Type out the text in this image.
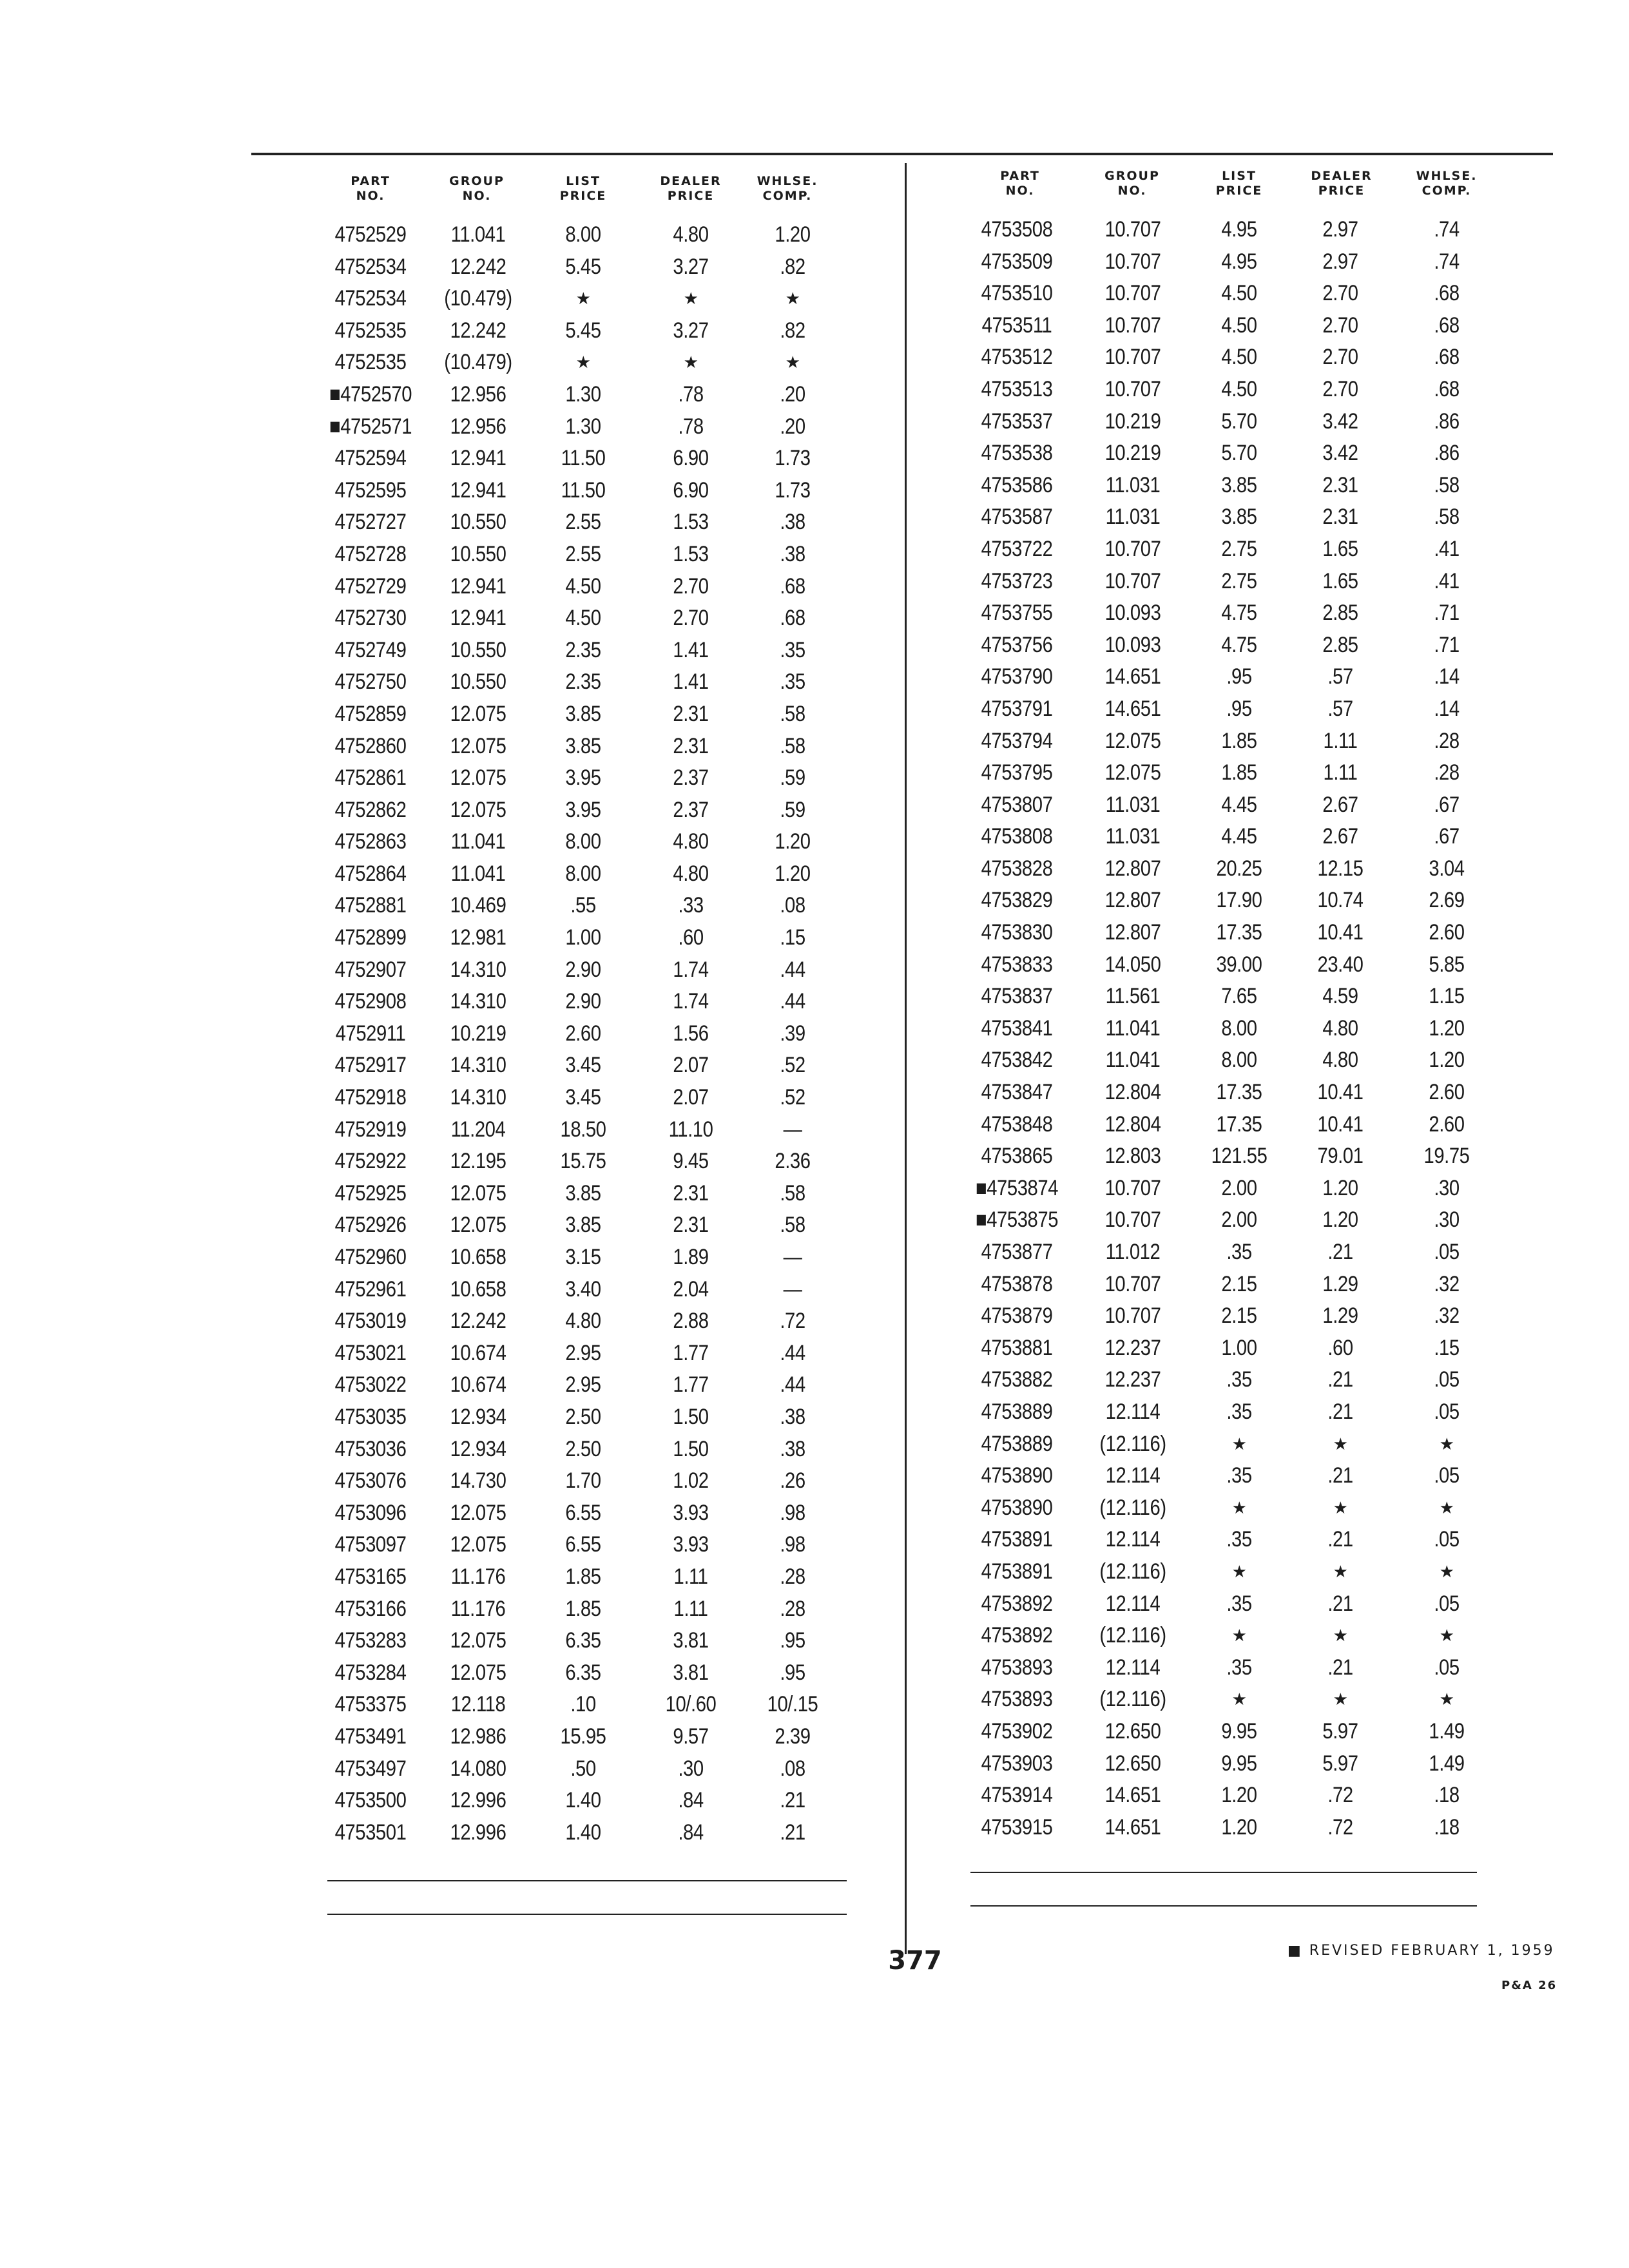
PART
NO.
GROUP
NO.
LIST
PRICE
DEALER
PRICE
WHLSE.
COMP.
4752529 11.041	8.00	4.80	1.20
4752534 12.242	5.45	3.27	.82
4752534 (10.479)	★	★	★
4752535 12.242	5.45	3.27	.82
4752535 (10.479)	★	★	★
■4752570 12.956	1.30	.78	.20
■4752571 12.956	1.30	.78	.20
4752594 12.941	11.50	6.90	1.73
4752595 12.941	11.50	6.90	1.73
4752727 10.550	2.55	1.53	.38
4752728 10.550	2.55	1.53	.38
4752729 12.941	4.50	2.70	.68
4752730 12.941	4.50	2.70	.68
4752749 10.550	2.35	1.41	.35
4752750 10.550	2.35	1.41	.35
4752859 12.075	3.85	2.31	.58
4752860 12.075	3.85	2.31	.58
4752861 12.075	3.95	2.37	.59
4752862 12.075	3.95	2.37	.59
4752863 11.041	8.00	4.80	1.20
4752864 11.041	8.00	4.80	1.20
4752881 10.469	.55	.33	.08
4752899 12.981	1.00	.60	.15
4752907 14.310	2.90	1.74	.44
4752908 14.310	2.90	1.74	.44
4752911 10.219	2.60	1.56	.39
4752917 14.310	3.45	2.07	.52
4752918 14.310	3.45	2.07	.52
4752919 11.204	18.50	11.10	—
4752922 12.195 15.75	9.45	2.36
4752925 12.075	3.85	2.31	.58
4752926 12.075	3.85	2.31	.58
4752960 10.658	3.15	1.89	—
4752961 10.658	3.40	2.04	—
4753019 12.242	4.80	2.88	.72
4753021 10.674	2.95	1.77	.44
4753022 10.674	2.95	1.77	.44
4753035 12.934	2.50	1.50	.38
4753036 12.934	2.50	1.50	.38
4753076 14.730	1.70	1.02	.26
4753096 12.075	6.55	3.93	.98
4753097 12.075	6.55	3.93	.98
4753165 11.176	1.85	1.11	.28
4753166 11.176	1.85	1.11	.28
4753283 12.075	6.35	3.81	.95
4753284 12.075	6.35	3.81	.95
4753375 12.118	.10	10/.60 10/.15
4753491 12.986 15.95	9.57	2.39
4753497 14.080	.50	.30	.08
4753500 12.996	1.40	.84	.21
4753501 12.996	1.40	.84	.21
PART
NO.
GROUP
NO.
LIST
PRICE
DEALER
PRICE
WHLSE.
COMP.
4753508 10.707	4.95	2.97	.74
4753509 10.707	4.95	2.97	.74
4753510 10.707	4.50	2.70	.68
4753511 10.707	4.50	2.70	.68
4753512 10.707	4.50	2.70	.68
4753513 10.707	4.50	2.70	.68
4753537 10.219	5.70	3.42	.86
4753538 10.219	5.70	3.42	.86
4753586 11.031	3.85	2.31	.58
4753587 11.031	3.85	2.31	.58
4753722 10.707	2.75	1.65	.41
4753723 10.707	2.75	1.65	.41
4753755 10.093	4.75	2.85	.71
4753756 10.093	4.75	2.85	.71
4753790 14.651	.95	.57	.14
4753791 14.651	.95	.57	.14
4753794 12.075	1.85	1.11	.28
4753795 12.075	1.85	1.11	.28
4753807 11.031	4.45	2.67	.67
4753808 11.031	4.45	2.67	.67
4753828 12.807	20.25	12.15	3.04
4753829 12.807	17.90	10.74	2.69
4753830 12.807	17.35	10.41	2.60
4753833 14.050	39.00	23.40	5.85
4753837 11.561	7.65	4.59	1.15
4753841 11.041	8.00	4.80	1.20
4753842 11.041	8.00	4.80	1.20
4753847 12.804	17.35	10.41	2.60
4753848 12.804	17.35	10.41	2.60
4753865 12.803 121.55 79.01	19.75
■4753874 10.707	2.00	1.20	.30
■4753875 10.707	2.00	1.20	.30
4753877 11.012	.35	.21	.05
4753878 10.707	2.15	1.29	.32
4753879 10.707	2.15	1.29	.32
4753881 12.237	1.00	.60	.15
4753882 12.237	.35	.21	.05
4753889 12.114	.35	.21	.05
4753889 (12.116)	★	★	★
4753890 12.114	.35	.21	.05
4753890 (12.116)	★	★	★
4753891 12.114	.35	.21	.05
4753891 (12.116)	★	★	★
4753892 12.114	.35	.21	.05
4753892 (12.116)	★	★	★
4753893 12.114	.35	.21	.05
4753893 (12.116)	★	★	★
4753902 12.650	9.95	5.97	1.49
4753903 12.650	9.95	5.97	1.49
4753914 14.651	1.20	.72	.18
4753915 14.651	1.20	.72	.18
377	■ REVISED FEBRUARY 1, 1959
P&A 26
